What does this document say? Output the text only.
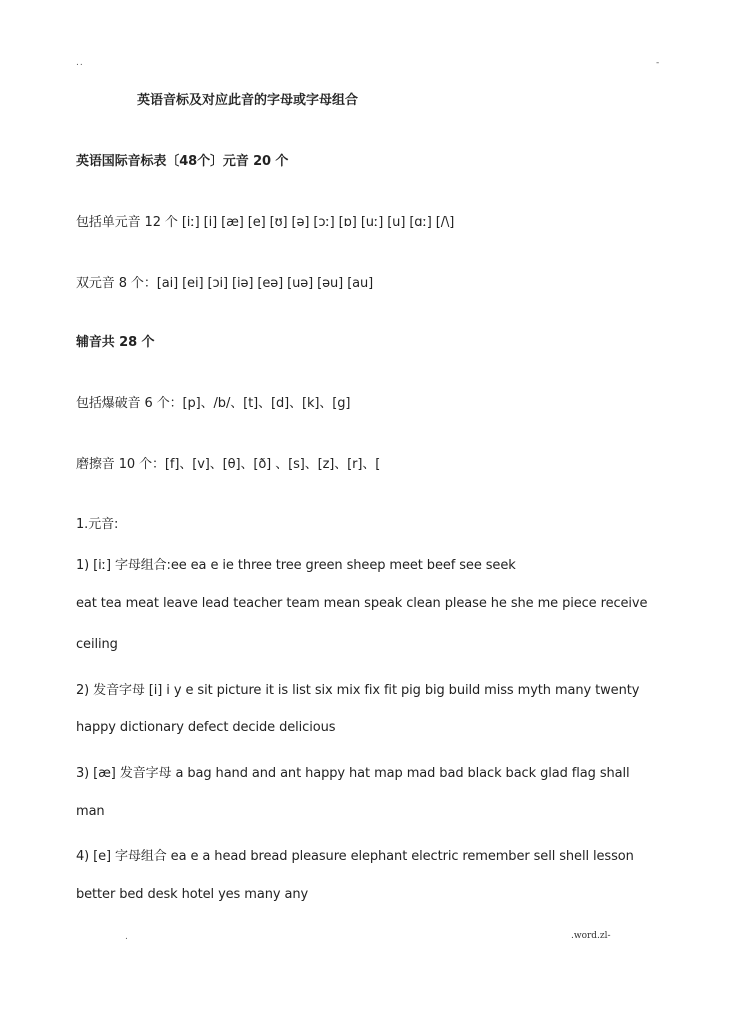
..	-
英语音标及对应此音的字母或字母组合
英语国际音标表〔48个〕元音 20 个
包括单元音 12 个 [iː] [i] [æ] [e] [ʊ] [ə] [ɔː] [ɒ] [uː] [u] [ɑː] [/\]
双元音 8 个：[ai] [ei] [ɔi] [iə] [eə] [uə] [əu] [au]
辅音共 28 个
包括爆破音 6 个：[p]、/b/、[t]、[d]、[k]、[g]
磨擦音 10 个：[f]、[v]、[θ]、[ð] 、[s]、[z]、[r]、[
1.元音:
1) [iː] 字母组合:ee ea e ie three tree green sheep meet beef see seek
eat tea meat leave lead teacher team mean speak clean please he she me piece receive
ceiling
2) 发音字母 [i] i y e sit picture it is list six mix fix fit pig big build miss myth many twenty
happy dictionary defect decide delicious
3) [æ] 发音字母 a bag hand and ant happy hat map mad bad black back glad flag shall
man
4) [e] 字母组合 ea e a head bread pleasure elephant electric remember sell shell lesson
better bed desk hotel yes many any
.	.word.zl-
